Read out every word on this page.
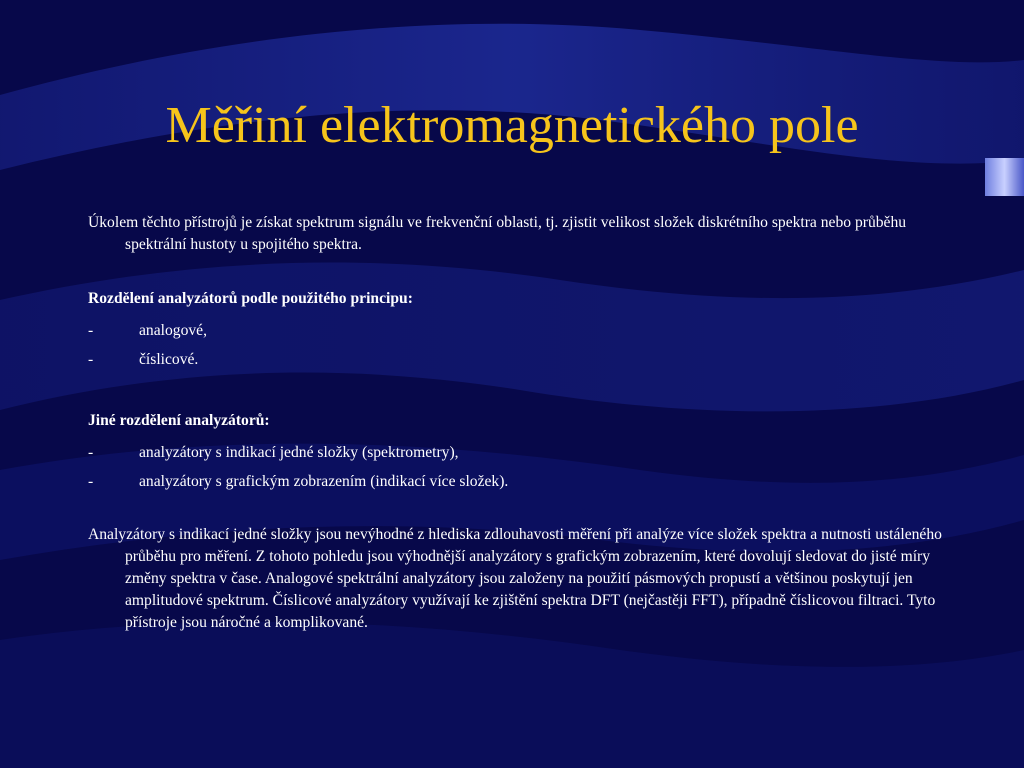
Měřiní elektromagnetického pole

Úkolem těchto přístrojů je získat spektrum signálu ve frekvenční oblasti, tj. zjistit velikost složek diskrétního spektra nebo průběhu spektrální hustoty u spojitého spektra.

Rozdělení analyzátorů podle použitého principu:

-	analogové,
-	číslicové.

Jiné rozdělení analyzátorů:

-	analyzátory s indikací jedné složky (spektrometry),
-	analyzátory s grafickým zobrazením (indikací více složek).

Analyzátory s indikací jedné složky jsou nevýhodné z hlediska zdlouhavosti měření při analýze více složek spektra a nutnosti ustáleného průběhu pro měření. Z tohoto pohledu jsou výhodnější analyzátory s grafickým zobrazením, které dovolují sledovat do jisté míry změny spektra v čase. Analogové spektrální analyzátory jsou založeny na použití pásmových propustí a většinou poskytují jen amplitudové spektrum. Číslicové analyzátory využívají ke zjištění spektra DFT (nejčastěji FFT), případně číslicovou filtraci. Tyto přístroje jsou náročné a komplikované.
